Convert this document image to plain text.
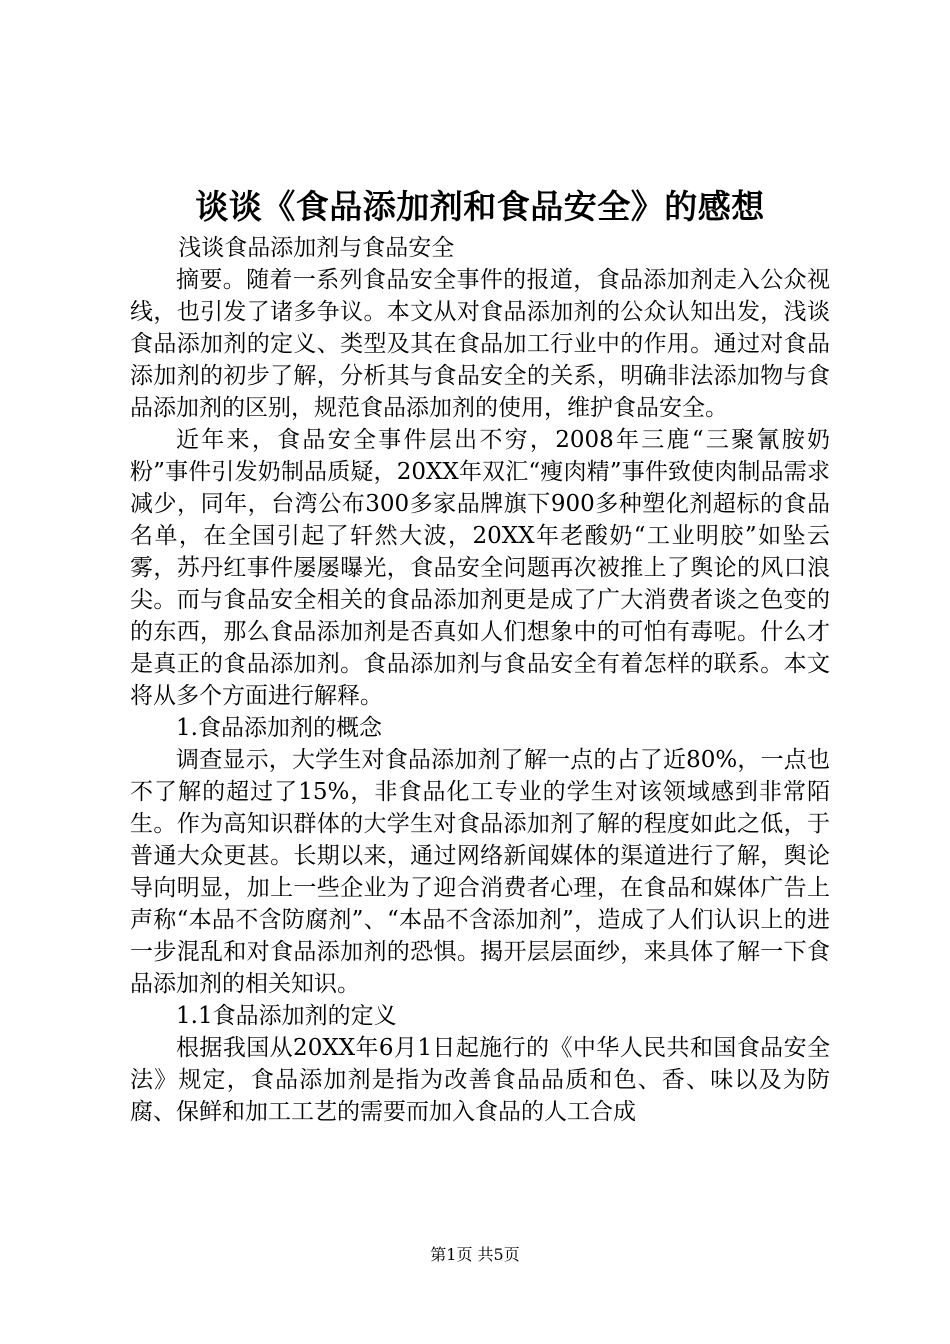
谈谈《食品添加剂和食品安全》的感想

浅谈食品添加剂与食品安全

摘要。随着一系列食品安全事件的报道，食品添加剂走入公众视线，也引发了诸多争议。本文从对食品添加剂的公众认知出发，浅谈食品添加剂的定义、类型及其在食品加工行业中的作用。通过对食品添加剂的初步了解，分析其与食品安全的关系，明确非法添加物与食品添加剂的区别，规范食品添加剂的使用，维护食品安全。

近年来，食品安全事件层出不穷，2008年三鹿“三聚氰胺奶粉”事件引发奶制品质疑，20XX年双汇“瘦肉精”事件致使肉制品需求减少，同年，台湾公布300多家品牌旗下900多种塑化剂超标的食品名单，在全国引起了轩然大波，20XX年老酸奶“工业明胶”如坠云雾，苏丹红事件屡屡曝光，食品安全问题再次被推上了舆论的风口浪尖。而与食品安全相关的食品添加剂更是成了广大消费者谈之色变的的东西，那么食品添加剂是否真如人们想象中的可怕有毒呢。什么才是真正的食品添加剂。食品添加剂与食品安全有着怎样的联系。本文将从多个方面进行解释。

1.食品添加剂的概念

调查显示，大学生对食品添加剂了解一点的占了近80%，一点也不了解的超过了15%，非食品化工专业的学生对该领域感到非常陌生。作为高知识群体的大学生对食品添加剂了解的程度如此之低，于普通大众更甚。长期以来，通过网络新闻媒体的渠道进行了解，舆论导向明显，加上一些企业为了迎合消费者心理，在食品和媒体广告上声称“本品不含防腐剂”、“本品不含添加剂”，造成了人们认识上的进一步混乱和对食品添加剂的恐惧。揭开层层面纱，来具体了解一下食品添加剂的相关知识。

1.1食品添加剂的定义

根据我国从20XX年6月1日起施行的《中华人民共和国食品安全法》规定，食品添加剂是指为改善食品品质和色、香、味以及为防腐、保鲜和加工工艺的需要而加入食品的人工合成

第1页 共5页
